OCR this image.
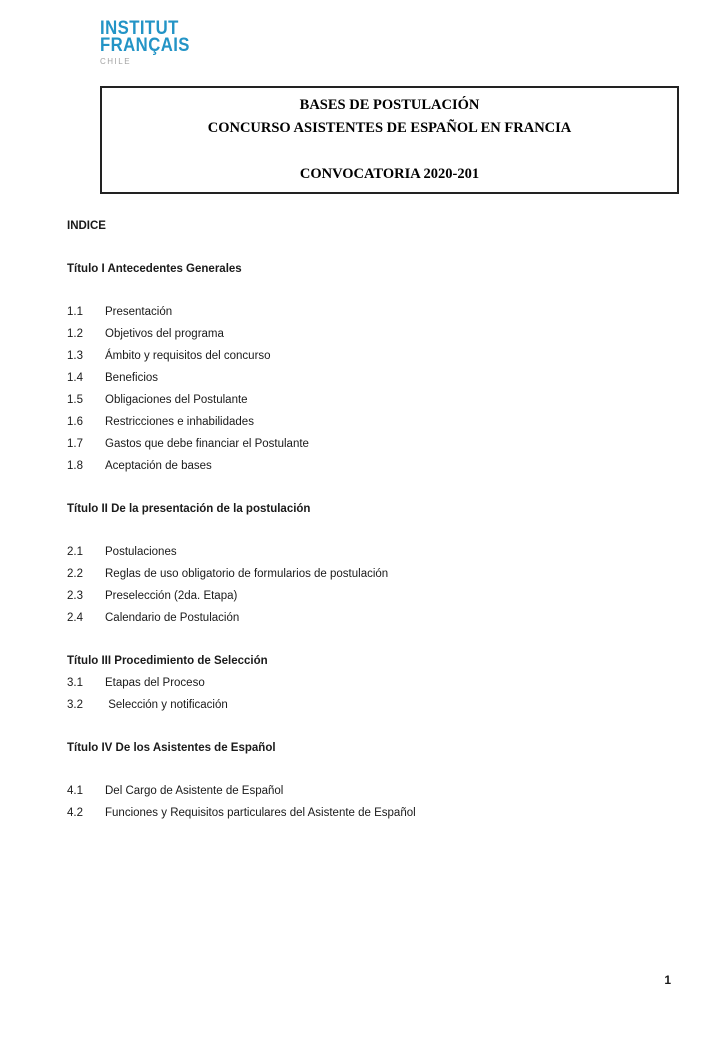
INSTITUT
FRANÇAIS
CHILE
BASES DE POSTULACIÓN
CONCURSO ASISTENTES DE ESPAÑOL EN FRANCIA
CONVOCATORIA 2020-201
INDICE
Título I Antecedentes Generales
1.1	Presentación
1.2	Objetivos del programa
1.3	Ámbito y requisitos del concurso
1.4	Beneficios
1.5	Obligaciones del Postulante
1.6	Restricciones e inhabilidades
1.7	Gastos que debe financiar el Postulante
1.8	Aceptación de bases
Título II De la presentación de la postulación
2.1	Postulaciones
2.2	Reglas de uso obligatorio de formularios de postulación
2.3	Preselección (2da. Etapa)
2.4	Calendario de Postulación
Título III Procedimiento de Selección
3.1	Etapas del Proceso
3.2	Selección y notificación
Título IV De los Asistentes de Español
4.1	Del Cargo de Asistente de Español
4.2	Funciones y Requisitos particulares del Asistente de Español
1
